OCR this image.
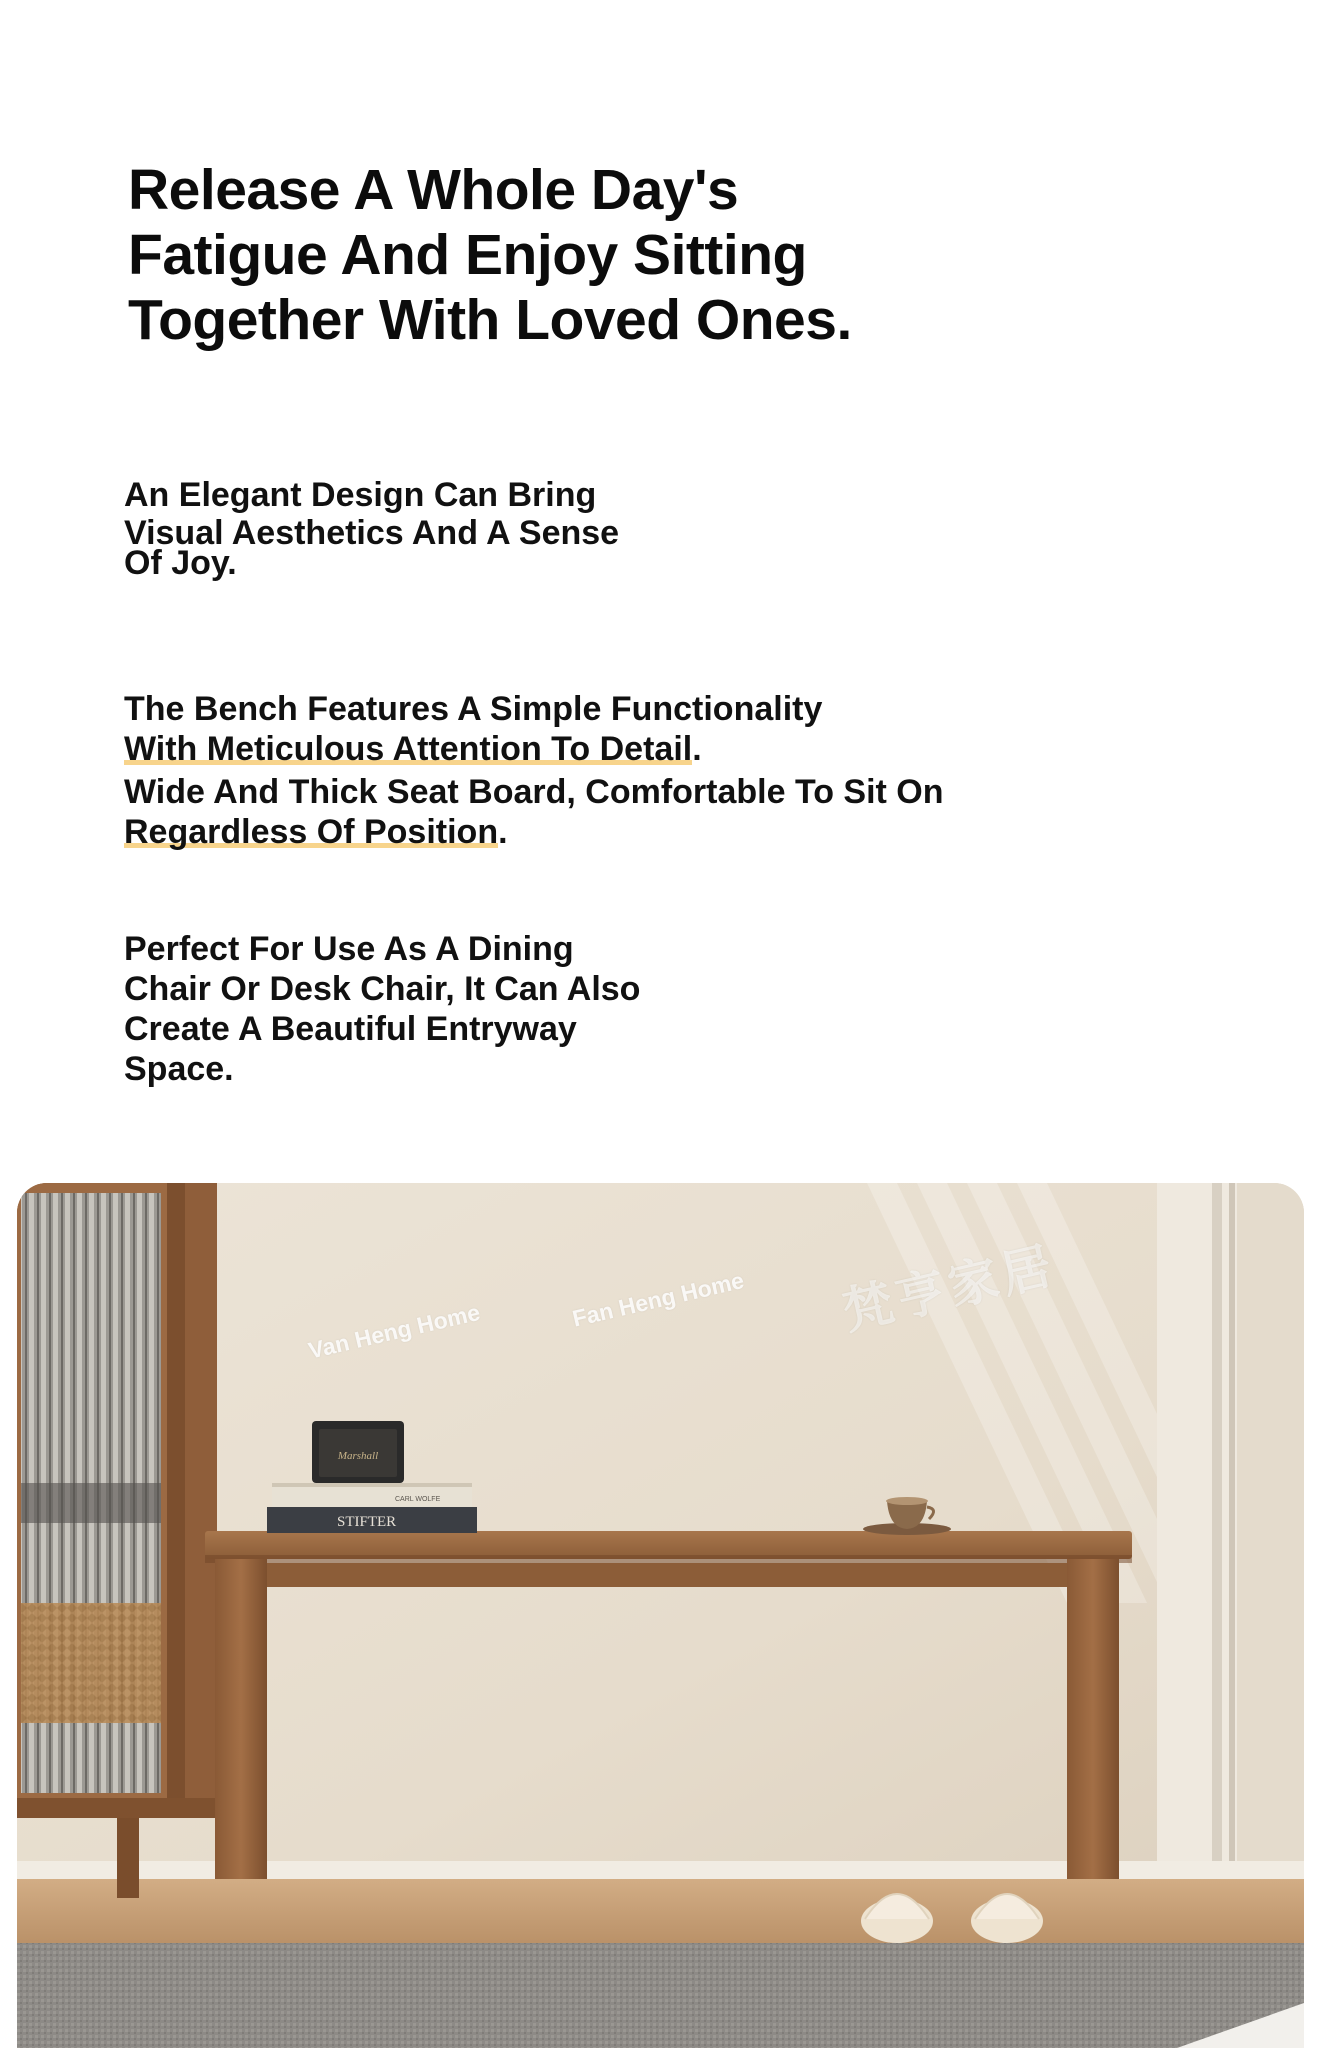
Release A Whole Day's
Fatigue And Enjoy Sitting
Together With Loved Ones.

An Elegant Design Can Bring
Visual Aesthetics And A Sense
Of Joy.

The Bench Features A Simple Functionality
With Meticulous Attention To Detail.
Wide And Thick Seat Board, Comfortable To Sit On
Regardless Of Position.

Perfect For Use As A Dining
Chair Or Desk Chair, It Can Also
Create A Beautiful Entryway
Space.

STIFTER
CARL WOLFE
Marshall
Van Heng Home	Fan Heng Home 梵亨家居
